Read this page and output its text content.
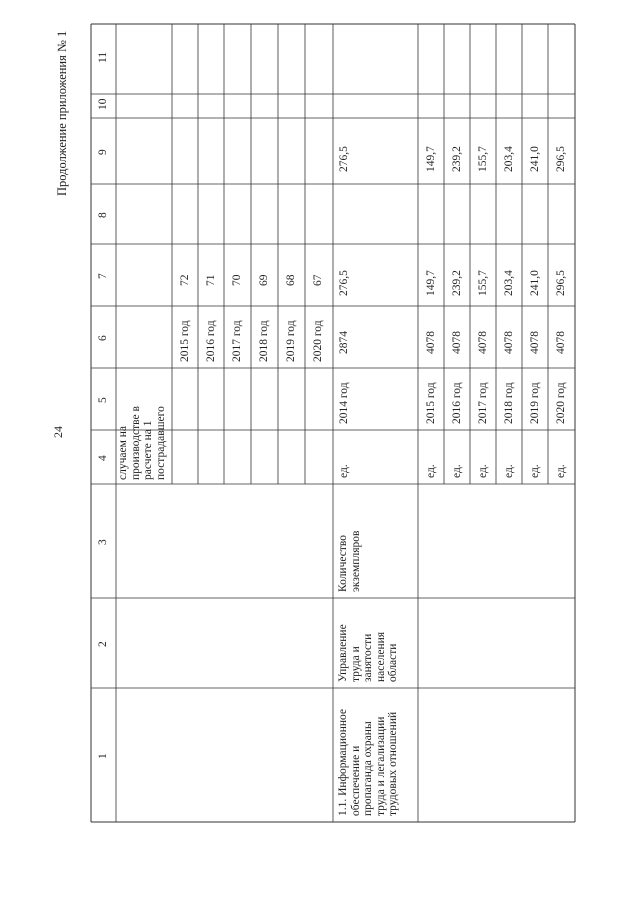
24
Продолжение приложения № 1
1
2
3
4
5
6
7
8
9
10
11
случаем на производстве в расчете на 1 пострадавшего
2015 год
72
2016 год
71
2017 год
70
2018 год
69
2019 год
68
2020 год
67
1.1. Информационное обеспечение и пропаганда охраны труда и легализации трудовых отношений
Управление труда и занятости населения области
Количество экземпляров
ед.
2014 год
2874
276,5
276,5
ед.
2015 год
4078
149,7
149,7
ед.
2016 год
4078
239,2
239,2
ед.
2017 год
4078
155,7
155,7
ед.
2018 год
4078
203,4
203,4
ед.
2019 год
4078
241,0
241,0
ед.
2020 год
4078
296,5
296,5
